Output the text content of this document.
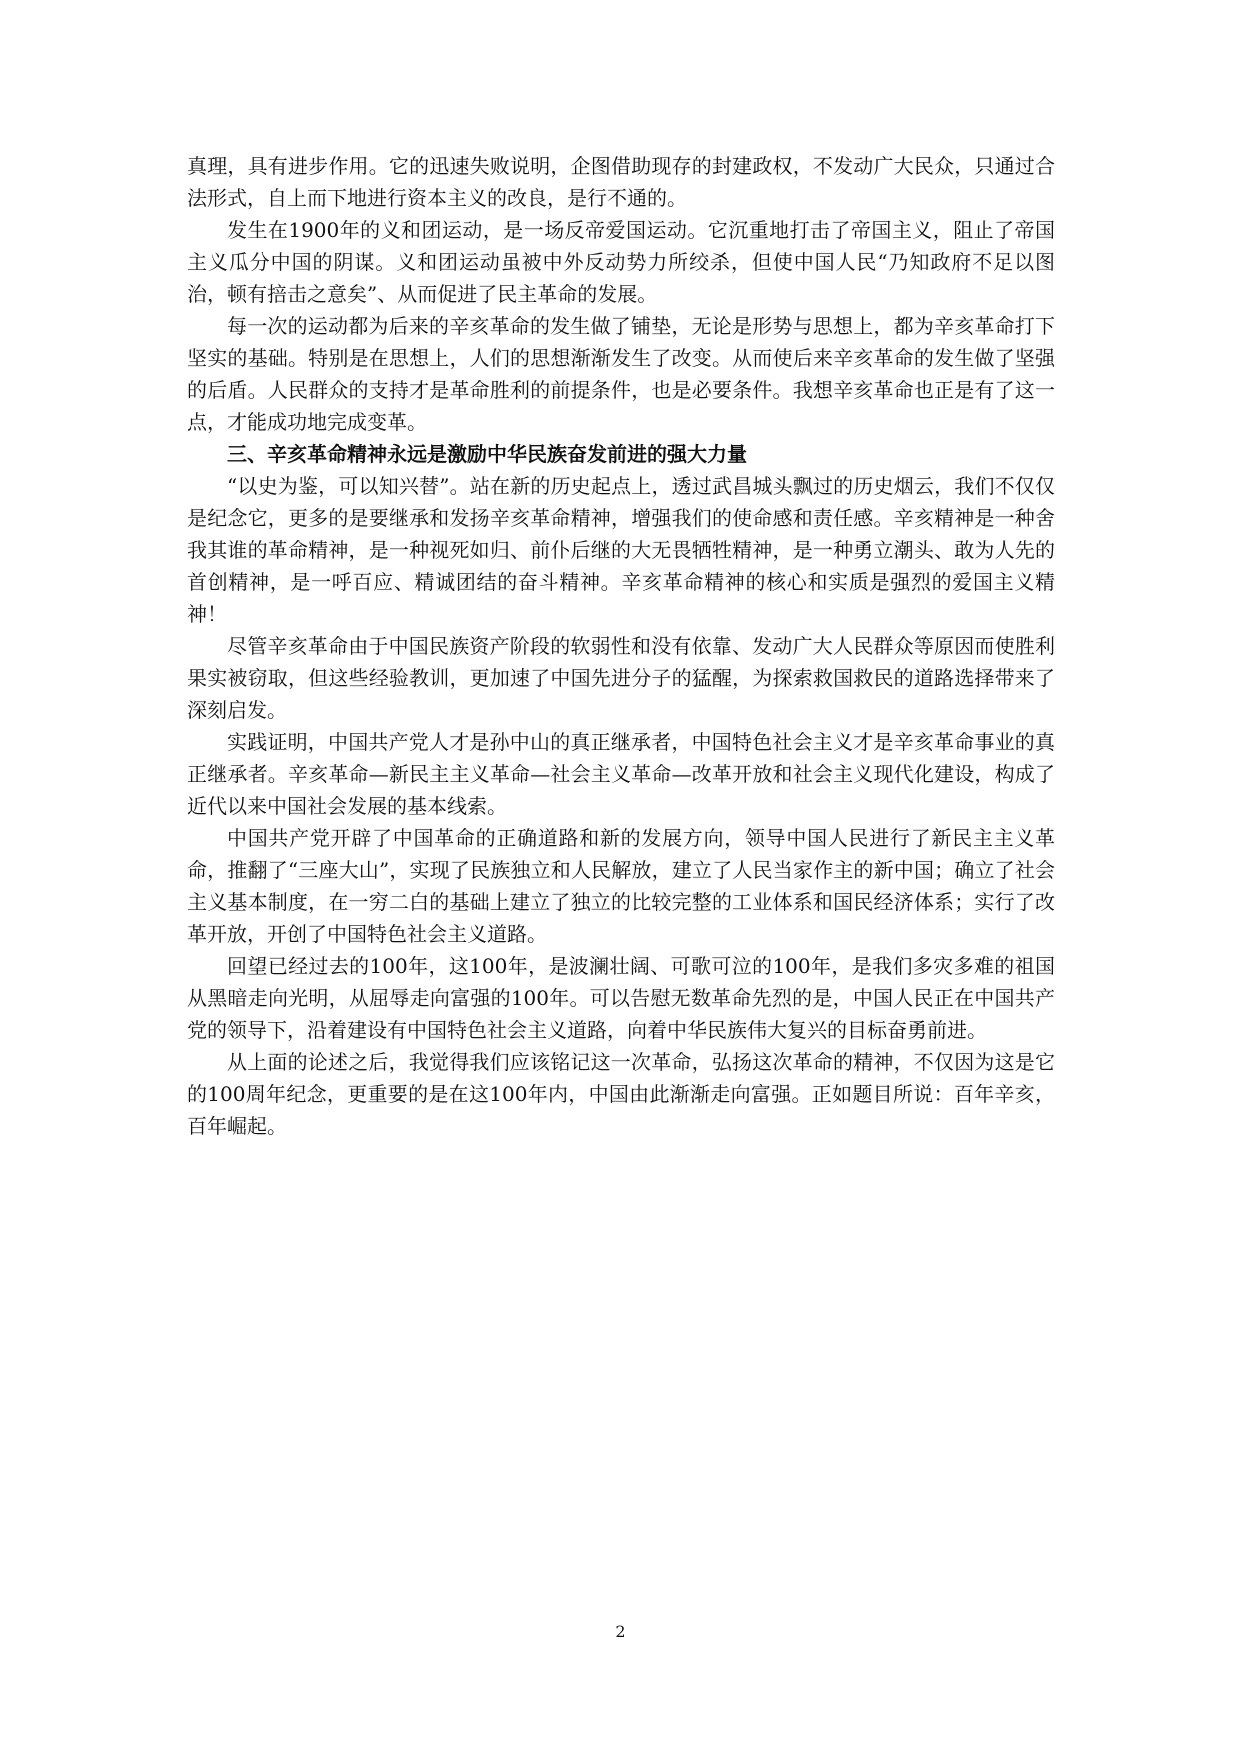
真理，具有进步作用。它的迅速失败说明，企图借助现存的封建政权，不发动广大民众，只通过合法形式，自上而下地进行资本主义的改良，是行不通的。

发生在1900年的义和团运动，是一场反帝爱国运动。它沉重地打击了帝国主义，阻止了帝国主义瓜分中国的阴谋。义和团运动虽被中外反动势力所绞杀，但使中国人民“乃知政府不足以图治，顿有掊击之意矣”、从而促进了民主革命的发展。

每一次的运动都为后来的辛亥革命的发生做了铺垫，无论是形势与思想上，都为辛亥革命打下坚实的基础。特别是在思想上，人们的思想渐渐发生了改变。从而使后来辛亥革命的发生做了坚强的后盾。人民群众的支持才是革命胜利的前提条件，也是必要条件。我想辛亥革命也正是有了这一点，才能成功地完成变革。

三、辛亥革命精神永远是激励中华民族奋发前进的强大力量

“以史为鉴，可以知兴替”。站在新的历史起点上，透过武昌城头飘过的历史烟云，我们不仅仅是纪念它，更多的是要继承和发扬辛亥革命精神，增强我们的使命感和责任感。辛亥精神是一种舍我其谁的革命精神，是一种视死如归、前仆后继的大无畏牺牲精神，是一种勇立潮头、敢为人先的首创精神，是一呼百应、精诚团结的奋斗精神。辛亥革命精神的核心和实质是强烈的爱国主义精神！

尽管辛亥革命由于中国民族资产阶段的软弱性和没有依靠、发动广大人民群众等原因而使胜利果实被窃取，但这些经验教训，更加速了中国先进分子的猛醒，为探索救国救民的道路选择带来了深刻启发。

实践证明，中国共产党人才是孙中山的真正继承者，中国特色社会主义才是辛亥革命事业的真正继承者。辛亥革命—新民主主义革命—社会主义革命—改革开放和社会主义现代化建设，构成了近代以来中国社会发展的基本线索。

中国共产党开辟了中国革命的正确道路和新的发展方向，领导中国人民进行了新民主主义革命，推翻了“三座大山”，实现了民族独立和人民解放，建立了人民当家作主的新中国；确立了社会主义基本制度，在一穷二白的基础上建立了独立的比较完整的工业体系和国民经济体系；实行了改革开放，开创了中国特色社会主义道路。

回望已经过去的100年，这100年，是波澜壮阔、可歌可泣的100年，是我们多灾多难的祖国从黑暗走向光明，从屈辱走向富强的100年。可以告慰无数革命先烈的是，中国人民正在中国共产党的领导下，沿着建设有中国特色社会主义道路，向着中华民族伟大复兴的目标奋勇前进。

从上面的论述之后，我觉得我们应该铭记这一次革命，弘扬这次革命的精神，不仅因为这是它的100周年纪念，更重要的是在这100年内，中国由此渐渐走向富强。正如题目所说：百年辛亥，百年崛起。

2
